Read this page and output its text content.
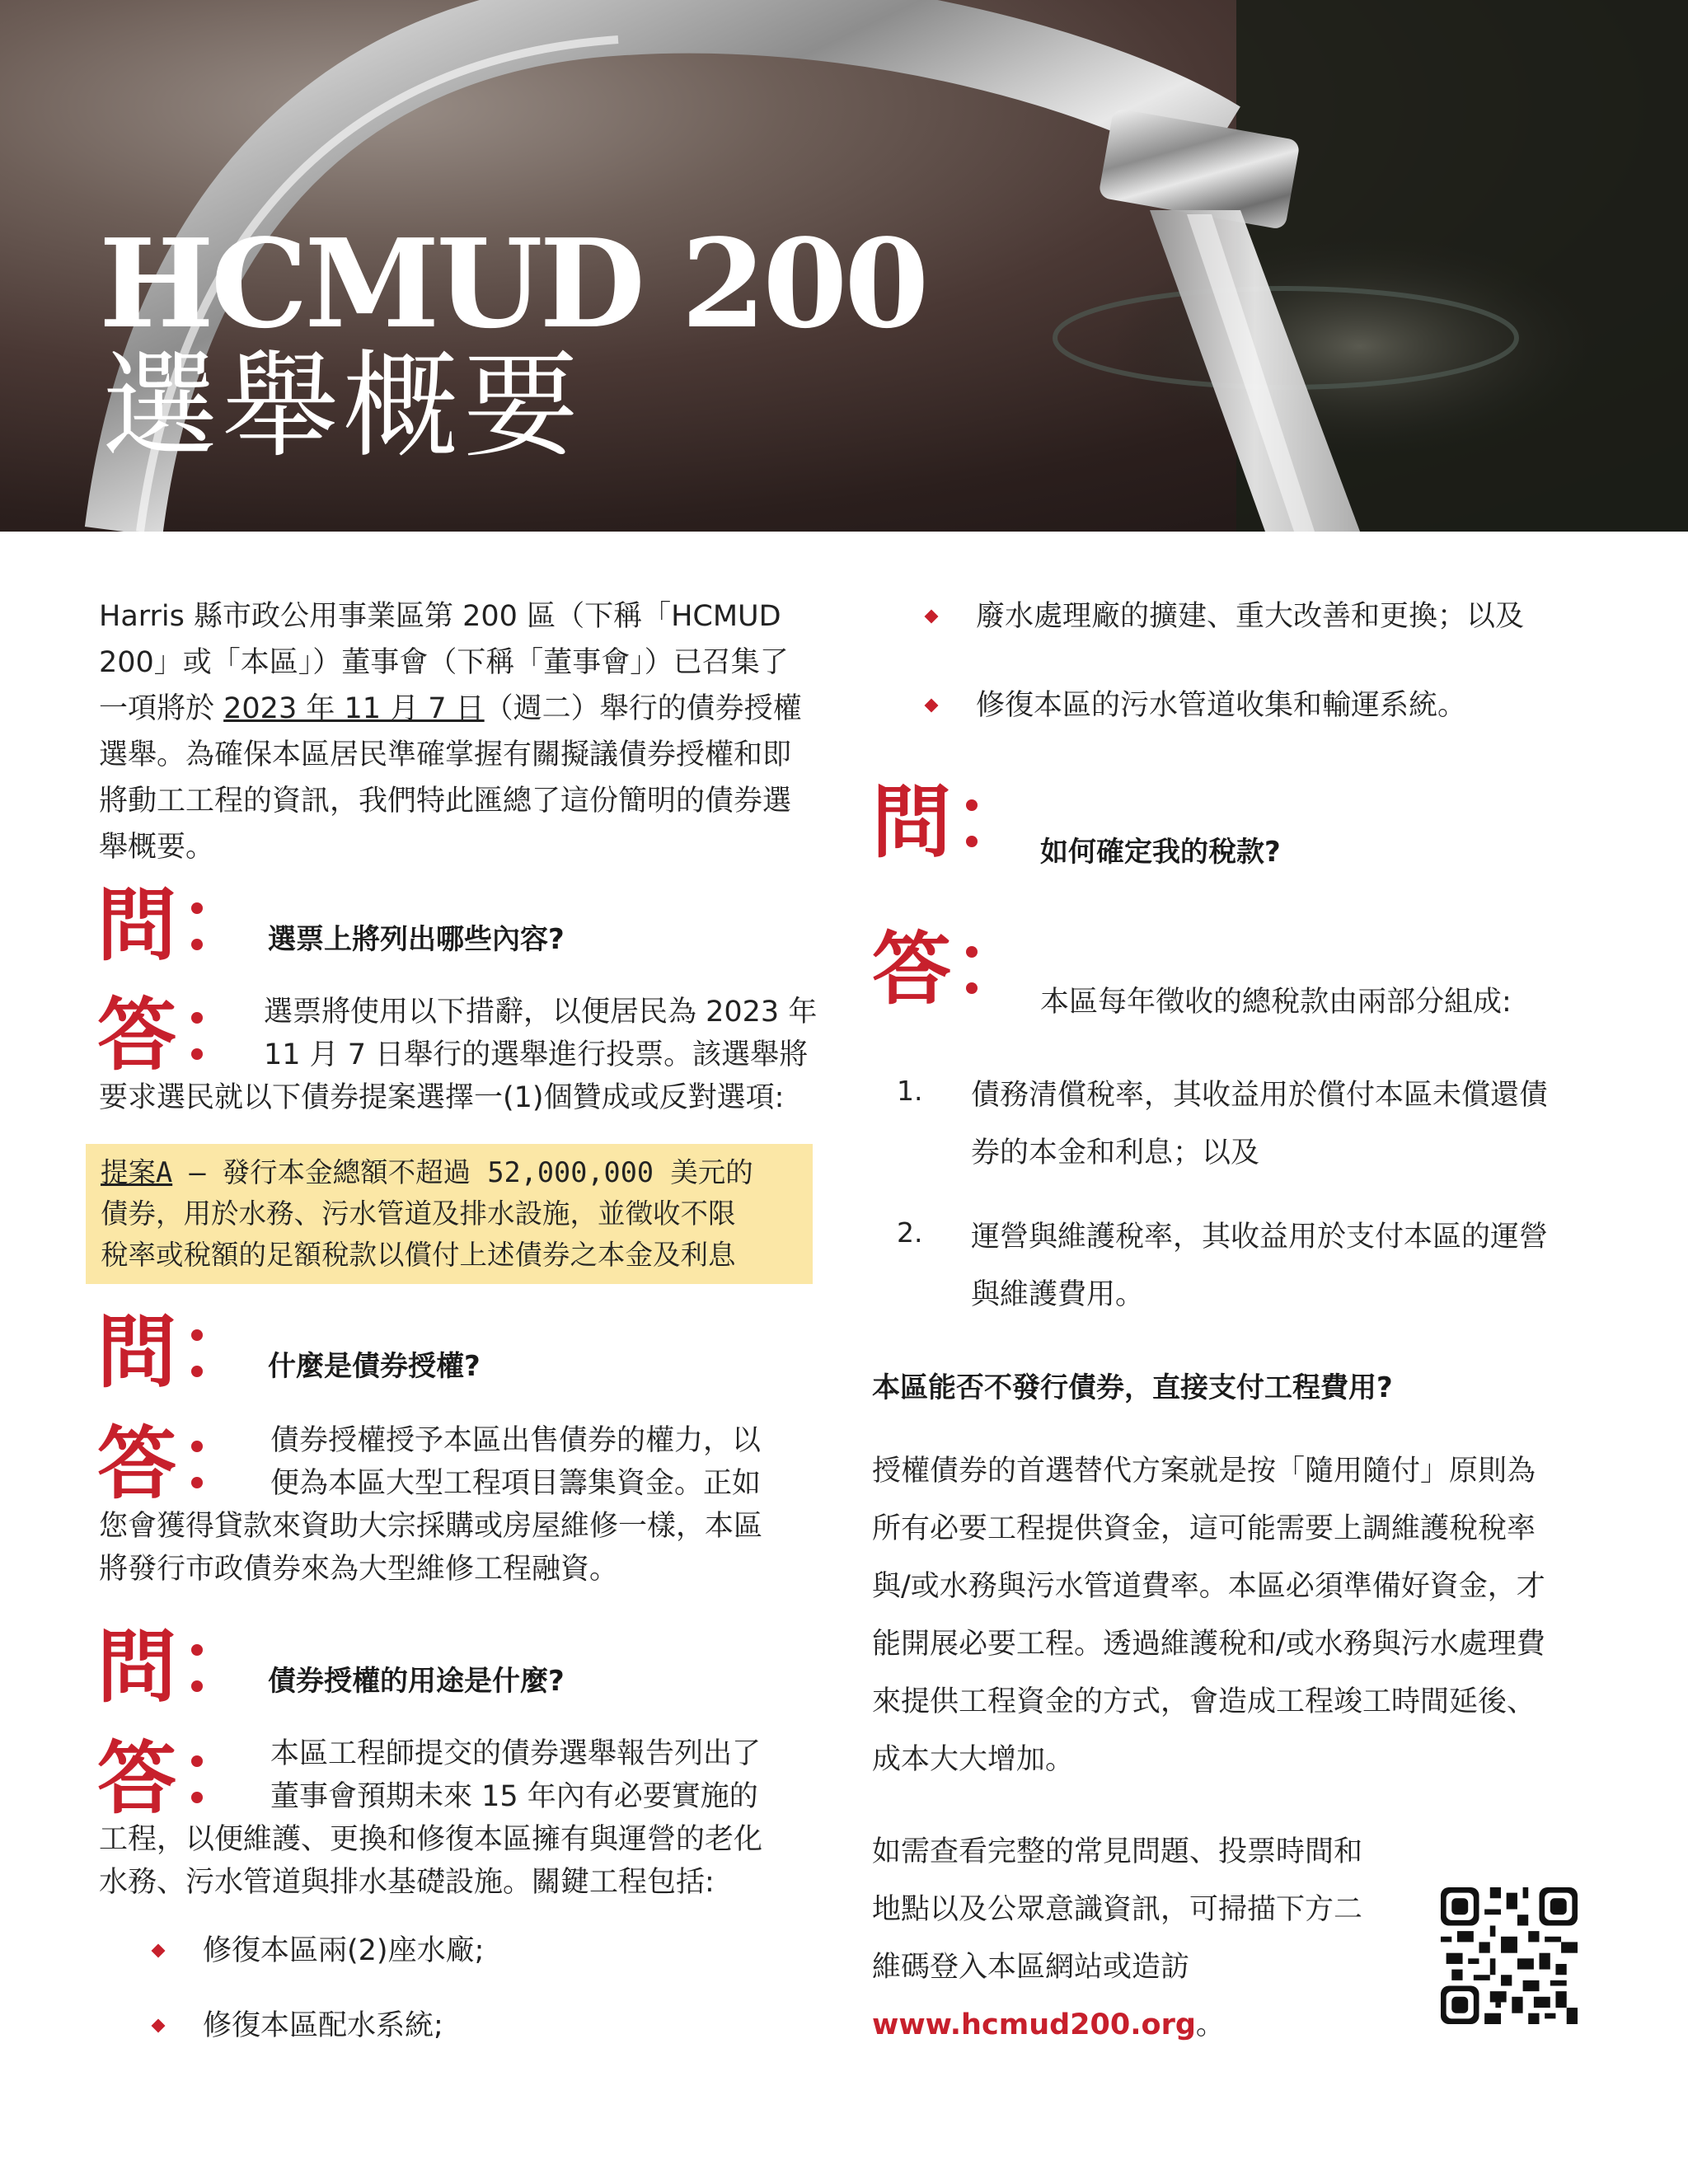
HCMUD 200
選舉概要

Harris 縣市政公用事業區第 200 區（下稱「HCMUD 200」或「本區」）董事會（下稱「董事會」）已召集了一項將於 2023 年 11 月 7 日（週二）舉行的債券授權選舉。為確保本區居民準確掌握有關擬議債券授權和即將動工工程的資訊，我們特此匯總了這份簡明的債券選舉概要。

問	選票上將列出哪些內容?

答	選票將使用以下措辭，以便居民為 2023 年

11 月 7 日舉行的選舉進行投票。該選舉將

要求選民就以下債券提案選擇一(1)個贊成或反對選項:

提案A – 發行本金總額不超過 52,000,000 美元的

債券，用於水務、污水管道及排水設施，並徵收不限

稅率或稅額的足額稅款以償付上述債券之本金及利息

問	什麼是債券授權?

答	債券授權授予本區出售債券的權力，以

便為本區大型工程項目籌集資金。正如

您會獲得貸款來資助大宗採購或房屋維修一樣，本區

將發行市政債券來為大型維修工程融資。

問	債券授權的用途是什麼?

答	本區工程師提交的債券選舉報告列出了

董事會預期未來 15 年內有必要實施的

工程，以便維護、更換和修復本區擁有與運營的老化

水務、污水管道與排水基礎設施。關鍵工程包括:

修復本區兩(2)座水廠;

修復本區配水系統;

廢水處理廠的擴建、重大改善和更換；以及

修復本區的污水管道收集和輸運系統。

問	如何確定我的稅款?

答	本區每年徵收的總稅款由兩部分組成:

1. 債務清償稅率，其收益用於償付本區未償還債

券的本金和利息；以及

2. 運營與維護稅率，其收益用於支付本區的運營

與維護費用。

本區能否不發行債券，直接支付工程費用?

授權債券的首選替代方案就是按「隨用隨付」原則為

所有必要工程提供資金，這可能需要上調維護稅稅率

與/或水務與污水管道費率。本區必須準備好資金，才

能開展必要工程。透過維護稅和/或水務與污水處理費

來提供工程資金的方式，會造成工程竣工時間延後、

成本大大增加。

如需查看完整的常見問題、投票時間和

地點以及公眾意識資訊，可掃描下方二

維碼登入本區網站或造訪

www.hcmud200.org。
